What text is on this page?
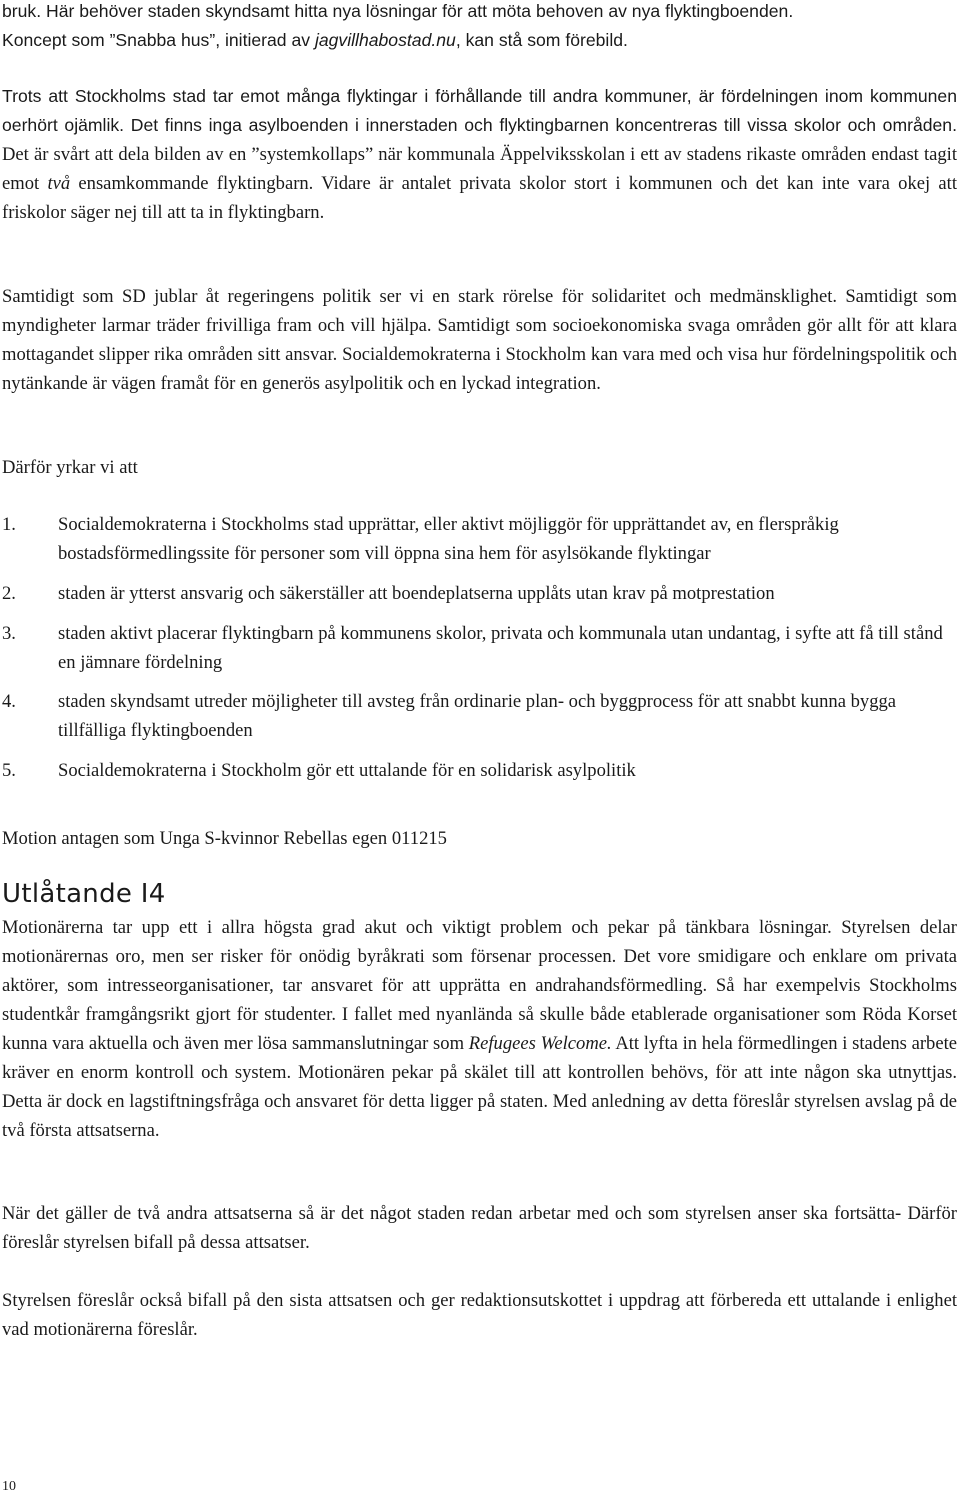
bruk. Här behöver staden skyndsamt hitta nya lösningar för att möta behoven av nya flyktingboenden.
Koncept som ”Snabba hus”, initierad av jagvillhabostad.nu, kan stå som förebild.
Trots att Stockholms stad tar emot många flyktingar i förhållande till andra kommuner, är fördelningen inom kommunen oerhört ojämlik. Det finns inga asylboenden i innerstaden och flyktingbarnen koncentreras till vissa skolor och områden. Det är svårt att dela bilden av en ”systemkollaps” när kommunala Äppelviksskolan i ett av stadens rikaste områden endast tagit emot två ensamkommande flyktingbarn. Vidare är antalet privata skolor stort i kommunen och det kan inte vara okej att friskolor säger nej till att ta in flyktingbarn.
Samtidigt som SD jublar åt regeringens politik ser vi en stark rörelse för solidaritet och medmänsklighet. Samtidigt som myndigheter larmar träder frivilliga fram och vill hjälpa. Samtidigt som socioekonomiska svaga områden gör allt för att klara mottagandet slipper rika områden sitt ansvar. Socialdemokraterna i Stockholm kan vara med och visa hur fördelningspolitik och nytänkande är vägen framåt för en generös asylpolitik och en lyckad integration.
Därför yrkar vi att
1. Socialdemokraterna i Stockholms stad upprättar, eller aktivt möjliggör för upprättandet av, en flerspråkig bostadsförmedlingssite för personer som vill öppna sina hem för asylsökande flyktingar
2. staden är ytterst ansvarig och säkerställer att boendeplatserna upplåts utan krav på motprestation
3. staden aktivt placerar flyktingbarn på kommunens skolor, privata och kommunala utan undantag, i syfte att få till stånd en jämnare fördelning
4. staden skyndsamt utreder möjligheter till avsteg från ordinarie plan- och byggprocess för att snabbt kunna bygga tillfälliga flyktingboenden
5. Socialdemokraterna i Stockholm gör ett uttalande för en solidarisk asylpolitik
Motion antagen som Unga S-kvinnor Rebellas egen 011215
Utlåtande I4
Motionärerna tar upp ett i allra högsta grad akut och viktigt problem och pekar på tänkbara lösningar. Styrelsen delar motionärernas oro, men ser risker för onödig byråkrati som försenar processen. Det vore smidigare och enklare om privata aktörer, som intresseorganisationer, tar ansvaret för att upprätta en andrahandsförmedling. Så har exempelvis Stockholms studentkår framgångsrikt gjort för studenter. I fallet med nyanlända så skulle både etablerade organisationer som Röda Korset kunna vara aktuella och även mer lösa sammanslutningar som Refugees Welcome. Att lyfta in hela förmedlingen i stadens arbete kräver en enorm kontroll och system. Motionären pekar på skälet till att kontrollen behövs, för att inte någon ska utnyttjas. Detta är dock en lagstiftningsfråga och ansvaret för detta ligger på staten. Med anledning av detta föreslår styrelsen avslag på de två första attsatserna.
När det gäller de två andra attsatserna så är det något staden redan arbetar med och som styrelsen anser ska fortsätta- Därför föreslår styrelsen bifall på dessa attsatser.
Styrelsen föreslår också bifall på den sista attsatsen och ger redaktionsutskottet i uppdrag att förbereda ett uttalande i enlighet vad motionärerna föreslår.
10
